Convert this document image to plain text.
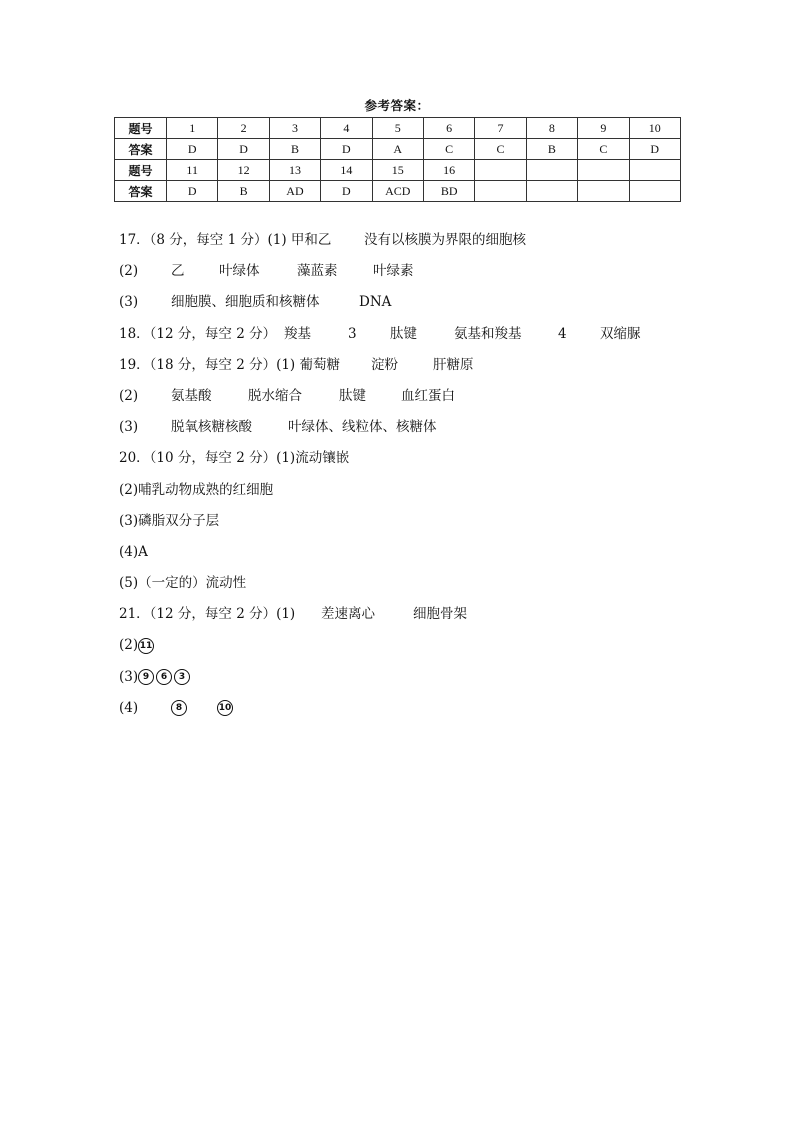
参考答案：
题号	1	2	3	4	5	6	7	8	9	10
答案	D	D	B	D	A	C	C	B	C	D
题号	11	12	13	14	15	16				
答案	D	B	AD	D	ACD	BD				
17．（8 分，每空 1 分）(1) 甲和乙 没有以核膜为界限的细胞核
(2) 乙	叶绿体	藻蓝素	叶绿素
(3) 细胞膜、细胞质和核糖体	DNA
18．（12 分，每空 2 分） 羧基	3 肽键	氨基和羧基	4 双缩脲
19．（18 分，每空 2 分）(1) 葡萄糖 淀粉	肝糖原
(2) 氨基酸	脱水缩合	肽键	血红蛋白
(3) 脱氧核糖核酸	叶绿体、线粒体、核糖体
20．（10 分，每空 2 分）(1)流动镶嵌
(2)哺乳动物成熟的红细胞
(3)磷脂双分子层
(4)A
(5)（一定的）流动性
21．（12 分，每空 2 分）(1) 差速离心	细胞骨架
(2) 11
(3) 9 6 3
(4)	8	10
